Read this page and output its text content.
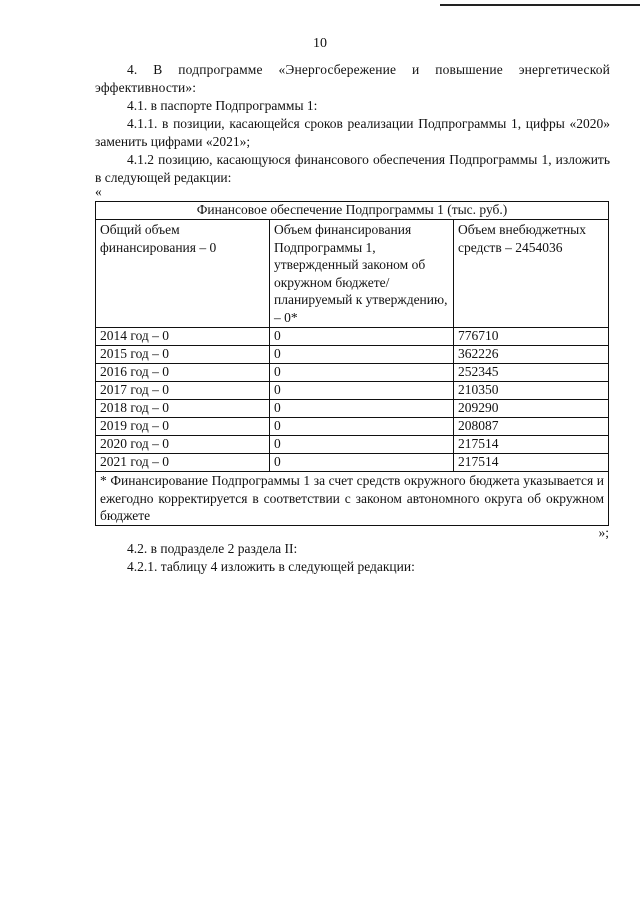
10

4. В подпрограмме «Энергосбережение и повышение энергетической эффективности»:

4.1. в паспорте Подпрограммы 1:

4.1.1. в позиции, касающейся сроков реализации Подпрограммы 1, цифры «2020» заменить цифрами «2021»;

4.1.2 позицию, касающуюся финансового обеспечения Подпрограммы 1, изложить в следующей редакции:

«
Финансовое обеспечение Подпрограммы 1 (тыс. руб.)		
Общий объем финансирования – 0	Объем финансирования Подпрограммы 1, утвержденный законом об окружном бюджете/ планируемый к утверждению, – 0*	Объем внебюджетных средств – 2454036
2014 год – 0	0	776710
2015 год – 0	0	362226
2016 год – 0	0	252345
2017 год – 0	0	210350
2018 год – 0	0	209290
2019 год – 0	0	208087
2020 год – 0	0	217514
2021 год – 0	0	217514
* Финансирование Подпрограммы 1 за счет средств окружного бюджета указывается и ежегодно корректируется в соответствии с законом автономного округа об окружном бюджете		
»;

4.2. в подразделе 2 раздела II:

4.2.1. таблицу 4 изложить в следующей редакции:
